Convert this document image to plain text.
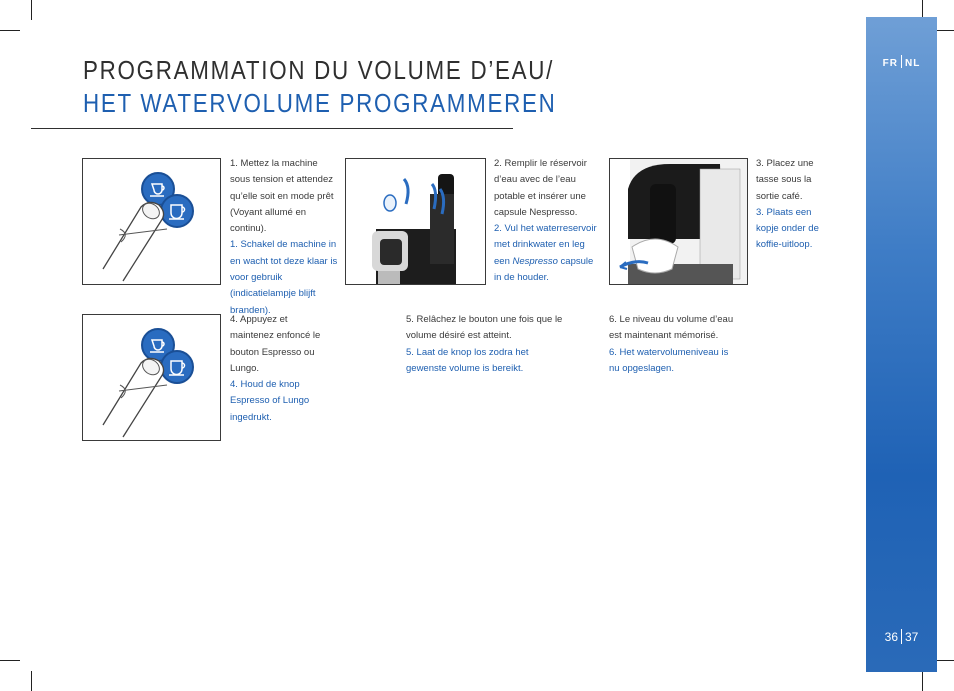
FR NL
36 37
PROGRAMMATION DU VOLUME D’EAU/
HET WATERVOLUME PROGRAMMEREN
1. Mettez la machine sous tension et attendez qu’elle soit en mode prêt (Voyant allumé en continu).
1. Schakel de machine in en wacht tot deze klaar is voor gebruik (indicatielampje blijft branden).
2. Remplir le réservoir d’eau avec de l’eau potable et insérer une capsule Nespresso.
2. Vul het waterreservoir met drinkwater en leg een Nespresso capsule in de houder.
3. Placez une tasse sous la sortie café.
3. Plaats een kopje onder de koffie-uitloop.
4. Appuyez et maintenez enfoncé le bouton Espresso ou Lungo.
4. Houd de knop Espresso of Lungo ingedrukt.
5. Relâchez le bouton une fois que le volume désiré est atteint.
5. Laat de knop los zodra het gewenste volume is bereikt.
6. Le niveau du volume d’eau est maintenant mémorisé.
6. Het watervolumeniveau is nu opgeslagen.
